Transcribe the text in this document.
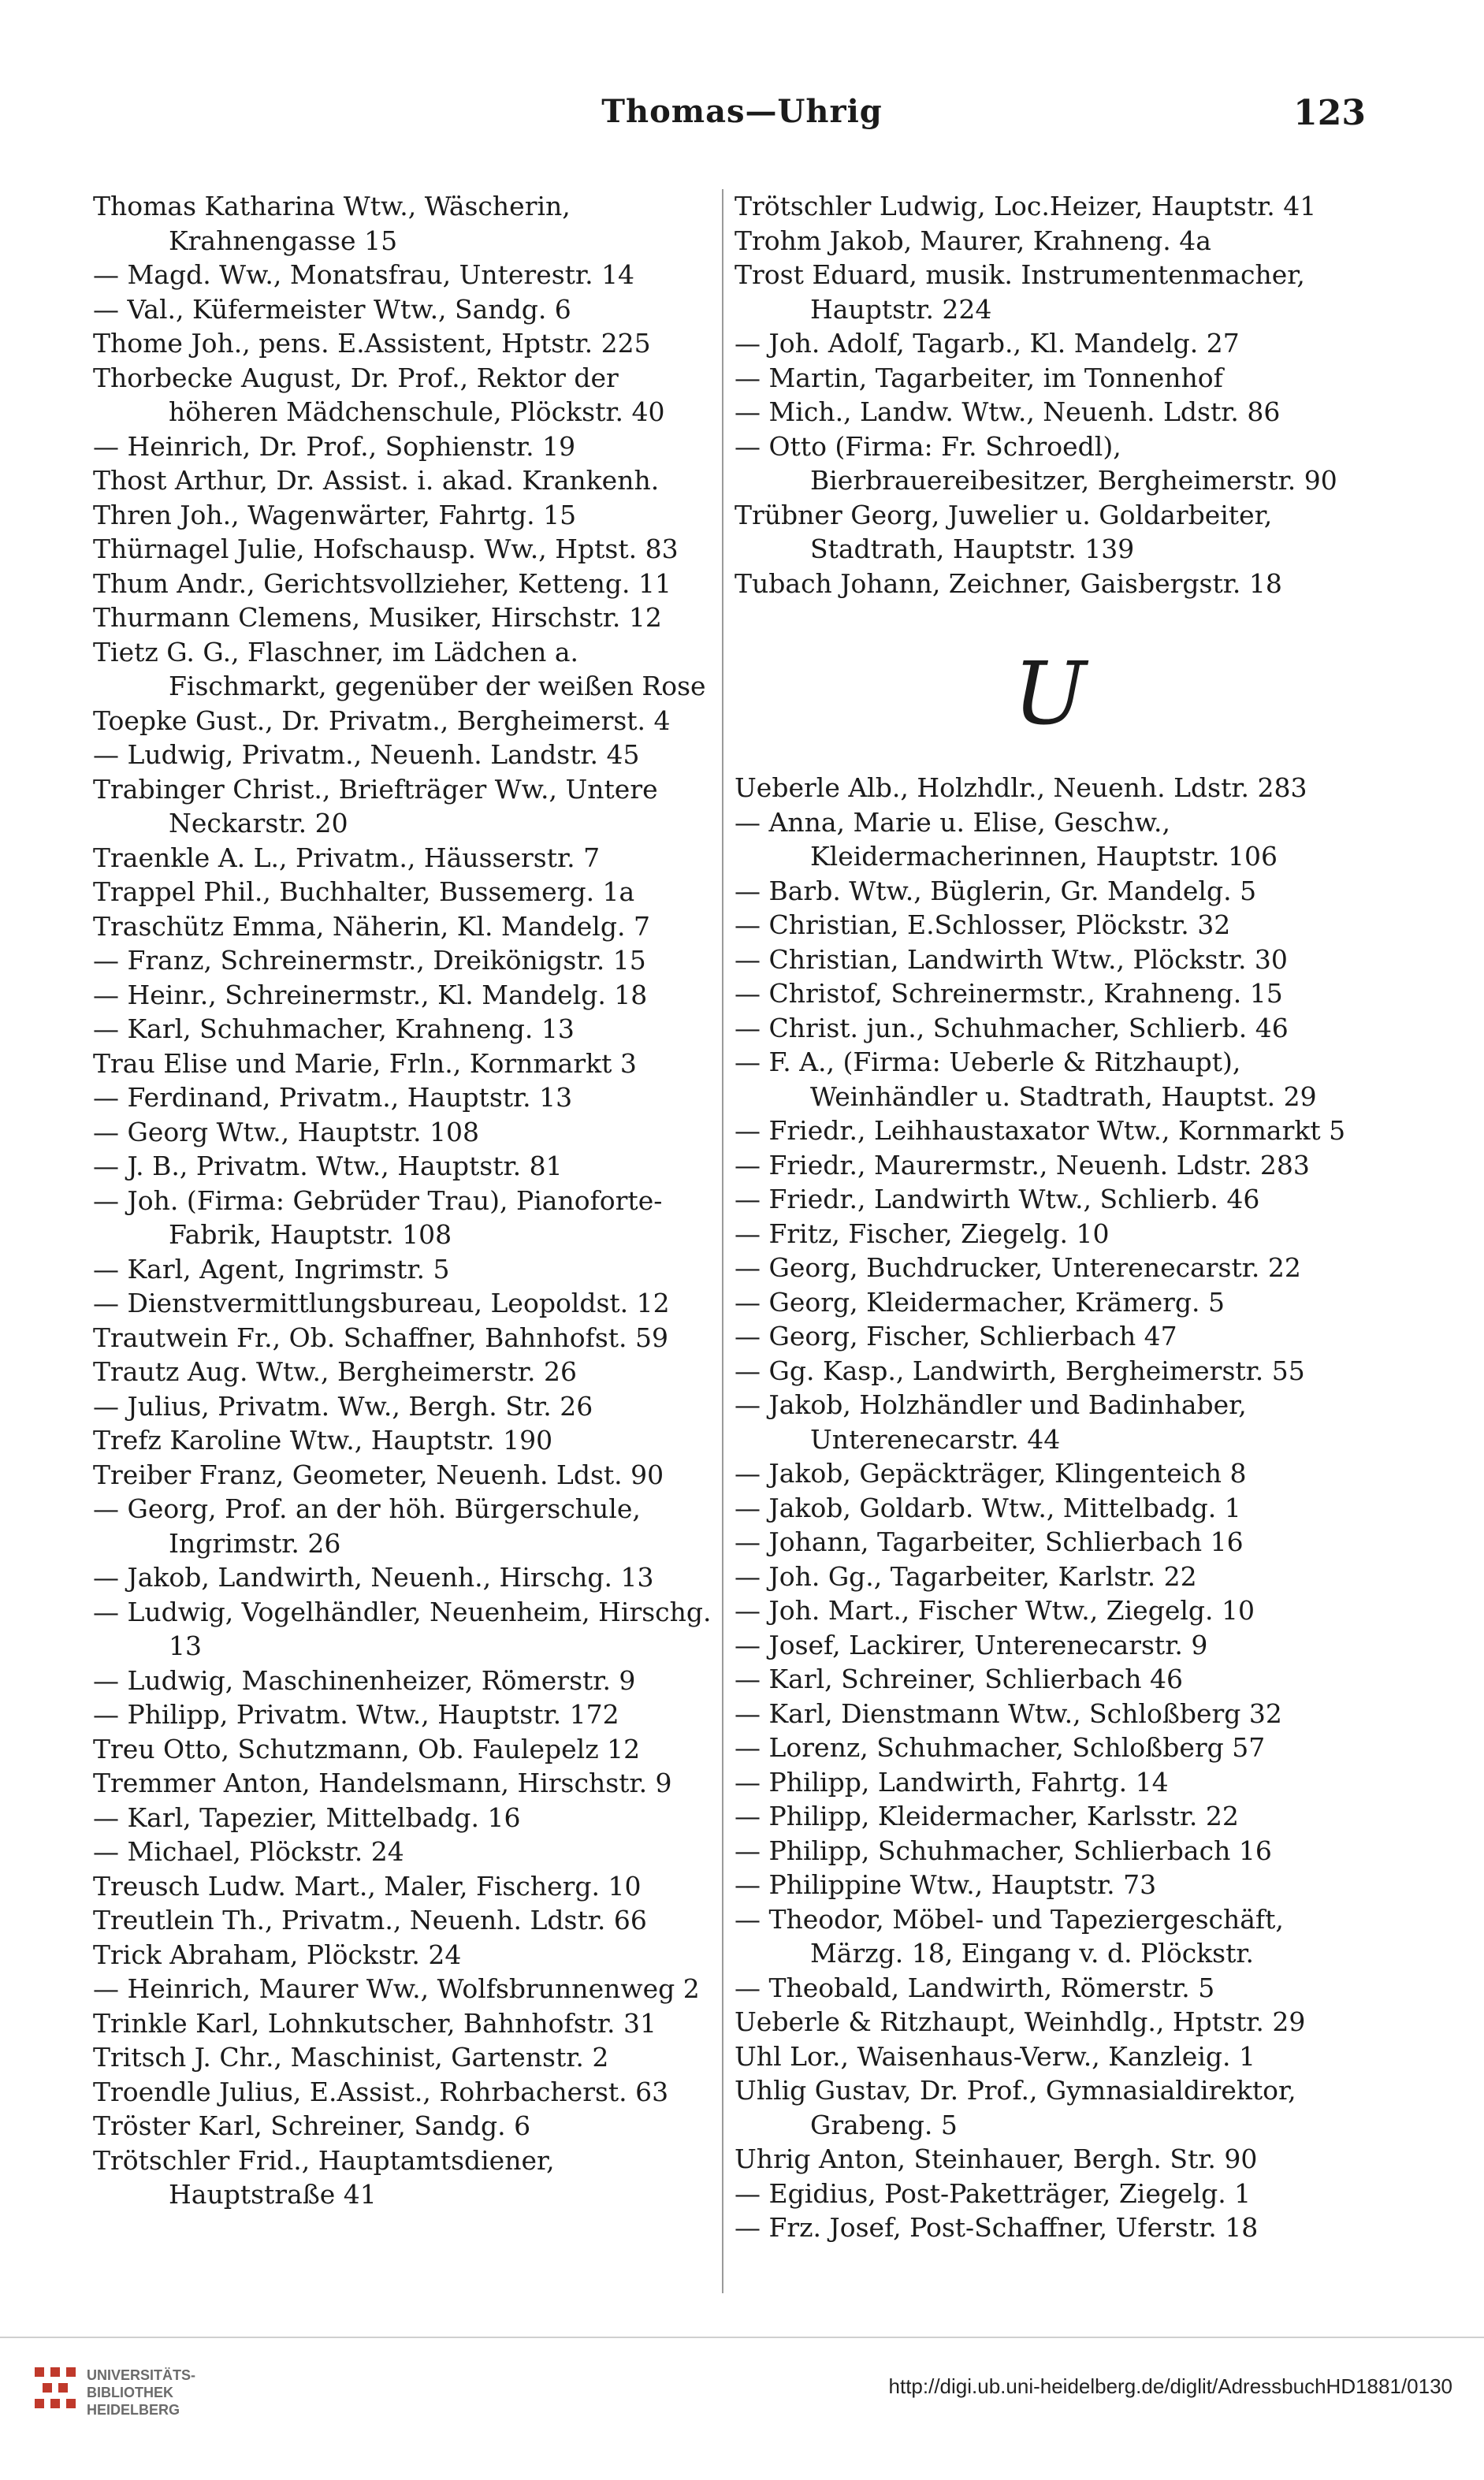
Thomas—Uhrig	123

Thomas Katharina Wtw., Wäscherin, Krahnengasse 15

— Magd. Ww., Monatsfrau, Unterestr. 14

— Val., Küfermeister Wtw., Sandg. 6

Thome Joh., pens. E.Assistent, Hptstr. 225

Thorbecke August, Dr. Prof., Rektor der höheren Mädchenschule, Plöckstr. 40

— Heinrich, Dr. Prof., Sophienstr. 19

Thost Arthur, Dr. Assist. i. akad. Krankenh.

Thren Joh., Wagenwärter, Fahrtg. 15

Thürnagel Julie, Hofschausp. Ww., Hptst. 83

Thum Andr., Gerichtsvollzieher, Ketteng. 11

Thurmann Clemens, Musiker, Hirschstr. 12

Tietz G. G., Flaschner, im Lädchen a. Fischmarkt, gegenüber der weißen Rose

Toepke Gust., Dr. Privatm., Bergheimerst. 4

— Ludwig, Privatm., Neuenh. Landstr. 45

Trabinger Christ., Briefträger Ww., Untere Neckarstr. 20

Traenkle A. L., Privatm., Häusserstr. 7

Trappel Phil., Buchhalter, Bussemerg. 1a

Traschütz Emma, Näherin, Kl. Mandelg. 7

— Franz, Schreinermstr., Dreikönigstr. 15

— Heinr., Schreinermstr., Kl. Mandelg. 18

— Karl, Schuhmacher, Krahneng. 13

Trau Elise und Marie, Frln., Kornmarkt 3

— Ferdinand, Privatm., Hauptstr. 13

— Georg Wtw., Hauptstr. 108

— J. B., Privatm. Wtw., Hauptstr. 81

— Joh. (Firma: Gebrüder Trau), Pianoforte-Fabrik, Hauptstr. 108

— Karl, Agent, Ingrimstr. 5

— Dienstvermittlungsbureau, Leopoldst. 12

Trautwein Fr., Ob. Schaffner, Bahnhofst. 59

Trautz Aug. Wtw., Bergheimerstr. 26

— Julius, Privatm. Ww., Bergh. Str. 26

Trefz Karoline Wtw., Hauptstr. 190

Treiber Franz, Geometer, Neuenh. Ldst. 90

— Georg, Prof. an der höh. Bürgerschule, Ingrimstr. 26

— Jakob, Landwirth, Neuenh., Hirschg. 13

— Ludwig, Vogelhändler, Neuenheim, Hirschg. 13

— Ludwig, Maschinenheizer, Römerstr. 9

— Philipp, Privatm. Wtw., Hauptstr. 172

Treu Otto, Schutzmann, Ob. Faulepelz 12

Tremmer Anton, Handelsmann, Hirschstr. 9

— Karl, Tapezier, Mittelbadg. 16

— Michael, Plöckstr. 24

Treusch Ludw. Mart., Maler, Fischerg. 10

Treutlein Th., Privatm., Neuenh. Ldstr. 66

Trick Abraham, Plöckstr. 24

— Heinrich, Maurer Ww., Wolfsbrunnenweg 2

Trinkle Karl, Lohnkutscher, Bahnhofstr. 31

Tritsch J. Chr., Maschinist, Gartenstr. 2

Troendle Julius, E.Assist., Rohrbacherst. 63

Tröster Karl, Schreiner, Sandg. 6

Trötschler Frid., Hauptamtsdiener, Hauptstraße 41

Trötschler Ludwig, Loc.Heizer, Hauptstr. 41

Trohm Jakob, Maurer, Krahneng. 4a

Trost Eduard, musik. Instrumentenmacher, Hauptstr. 224

— Joh. Adolf, Tagarb., Kl. Mandelg. 27

— Martin, Tagarbeiter, im Tonnenhof

— Mich., Landw. Wtw., Neuenh. Ldstr. 86

— Otto (Firma: Fr. Schroedl), Bierbrauereibesitzer, Bergheimerstr. 90

Trübner Georg, Juwelier u. Goldarbeiter, Stadtrath, Hauptstr. 139

Tubach Johann, Zeichner, Gaisbergstr. 18

U

Ueberle Alb., Holzhdlr., Neuenh. Ldstr. 283

— Anna, Marie u. Elise, Geschw., Kleidermacherinnen, Hauptstr. 106

— Barb. Wtw., Büglerin, Gr. Mandelg. 5

— Christian, E.Schlosser, Plöckstr. 32

— Christian, Landwirth Wtw., Plöckstr. 30

— Christof, Schreinermstr., Krahneng. 15

— Christ. jun., Schuhmacher, Schlierb. 46

— F. A., (Firma: Ueberle & Ritzhaupt), Weinhändler u. Stadtrath, Hauptst. 29

— Friedr., Leihhaustaxator Wtw., Kornmarkt 5

— Friedr., Maurermstr., Neuenh. Ldstr. 283

— Friedr., Landwirth Wtw., Schlierb. 46

— Fritz, Fischer, Ziegelg. 10

— Georg, Buchdrucker, Unterenecarstr. 22

— Georg, Kleidermacher, Krämerg. 5

— Georg, Fischer, Schlierbach 47

— Gg. Kasp., Landwirth, Bergheimerstr. 55

— Jakob, Holzhändler und Badinhaber, Unterenecarstr. 44

— Jakob, Gepäckträger, Klingenteich 8

— Jakob, Goldarb. Wtw., Mittelbadg. 1

— Johann, Tagarbeiter, Schlierbach 16

— Joh. Gg., Tagarbeiter, Karlstr. 22

— Joh. Mart., Fischer Wtw., Ziegelg. 10

— Josef, Lackirer, Unterenecarstr. 9

— Karl, Schreiner, Schlierbach 46

— Karl, Dienstmann Wtw., Schloßberg 32

— Lorenz, Schuhmacher, Schloßberg 57

— Philipp, Landwirth, Fahrtg. 14

— Philipp, Kleidermacher, Karlsstr. 22

— Philipp, Schuhmacher, Schlierbach 16

— Philippine Wtw., Hauptstr. 73

— Theodor, Möbel- und Tapeziergeschäft, Märzg. 18, Eingang v. d. Plöckstr.

— Theobald, Landwirth, Römerstr. 5

Ueberle & Ritzhaupt, Weinhdlg., Hptstr. 29

Uhl Lor., Waisenhaus-Verw., Kanzleig. 1

Uhlig Gustav, Dr. Prof., Gymnasialdirektor, Grabeng. 5

Uhrig Anton, Steinhauer, Bergh. Str. 90

— Egidius, Post-Paketträger, Ziegelg. 1

— Frz. Josef, Post-Schaffner, Uferstr. 18

UNIVERSITÄTS-
BIBLIOTHEK
HEIDELBERG
http://digi.ub.uni-heidelberg.de/diglit/AdressbuchHD1881/0130
